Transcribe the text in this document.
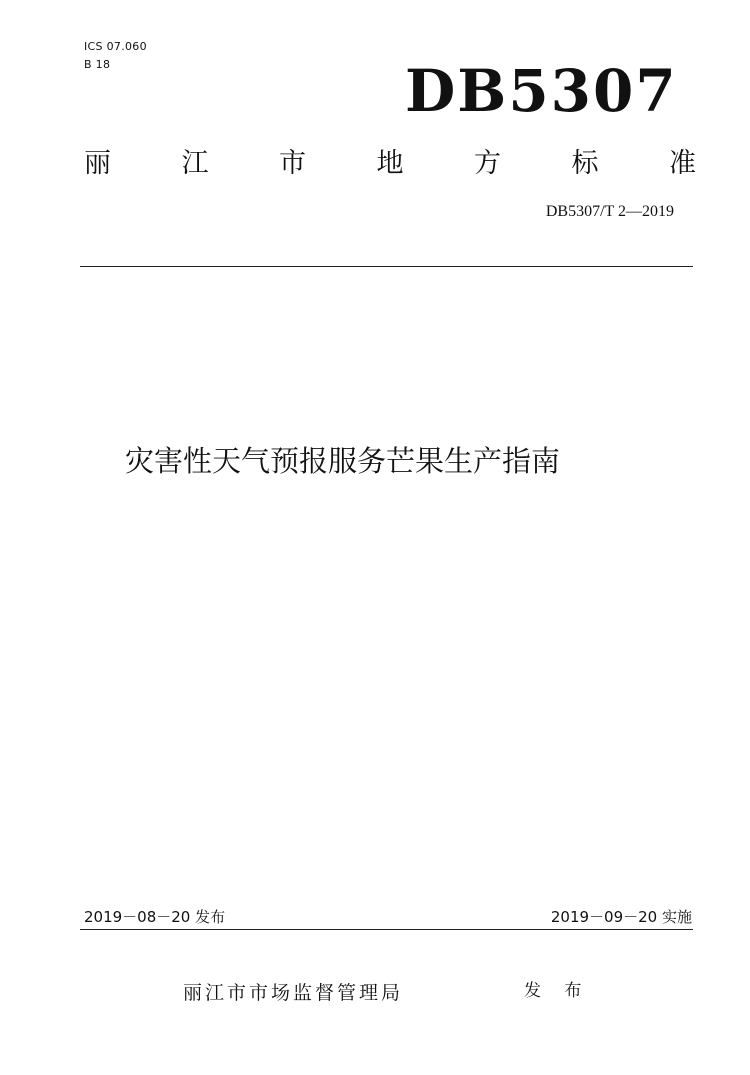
ICS 07.060
B 18	DB5307
丽	江	市	地	方	标	准
DB5307/T 2—2019
灾害性天气预报服务芒果生产指南
2019－08－20 发布	2019－09－20 实施
丽江市市场监督管理局	发 布
